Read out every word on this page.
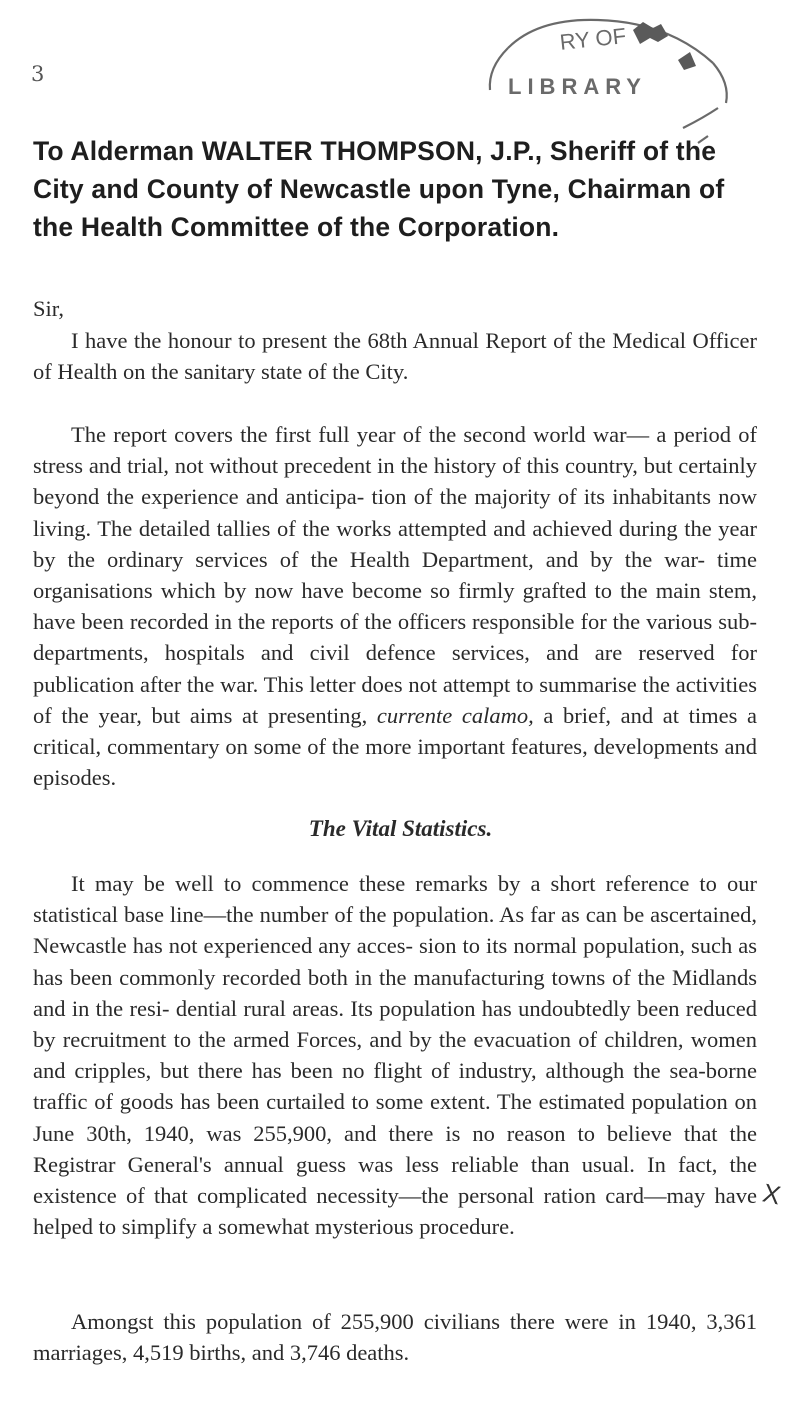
3
RY OF
LIBRARY
To Alderman WALTER THOMPSON, J.P., Sheriff of the City and County of Newcastle upon Tyne, Chairman of the Health Committee of the Corporation.

Sir,

I have the honour to present the 68th Annual Report of the Medical Officer of Health on the sanitary state of the City.

The report covers the first full year of the second world war— a period of stress and trial, not without precedent in the history of this country, but certainly beyond the experience and anticipa- tion of the majority of its inhabitants now living. The detailed tallies of the works attempted and achieved during the year by the ordinary services of the Health Department, and by the war- time organisations which by now have become so firmly grafted to the main stem, have been recorded in the reports of the officers responsible for the various sub-departments, hospitals and civil defence services, and are reserved for publication after the war. This letter does not attempt to summarise the activities of the year, but aims at presenting, currente calamo, a brief, and at times a critical, commentary on some of the more important features, developments and episodes.

The Vital Statistics.

It may be well to commence these remarks by a short reference to our statistical base line—the number of the population. As far as can be ascertained, Newcastle has not experienced any acces- sion to its normal population, such as has been commonly recorded both in the manufacturing towns of the Midlands and in the resi- dential rural areas. Its population has undoubtedly been reduced by recruitment to the armed Forces, and by the evacuation of children, women and cripples, but there has been no flight of industry, although the sea-borne traffic of goods has been curtailed to some extent. The estimated population on June 30th, 1940, was 255,900, and there is no reason to believe that the Registrar General's annual guess was less reliable than usual. In fact, the existence of that complicated necessity—the personal ration card—may have helped to simplify a somewhat mysterious procedure.

X

Amongst this population of 255,900 civilians there were in 1940, 3,361 marriages, 4,519 births, and 3,746 deaths.
